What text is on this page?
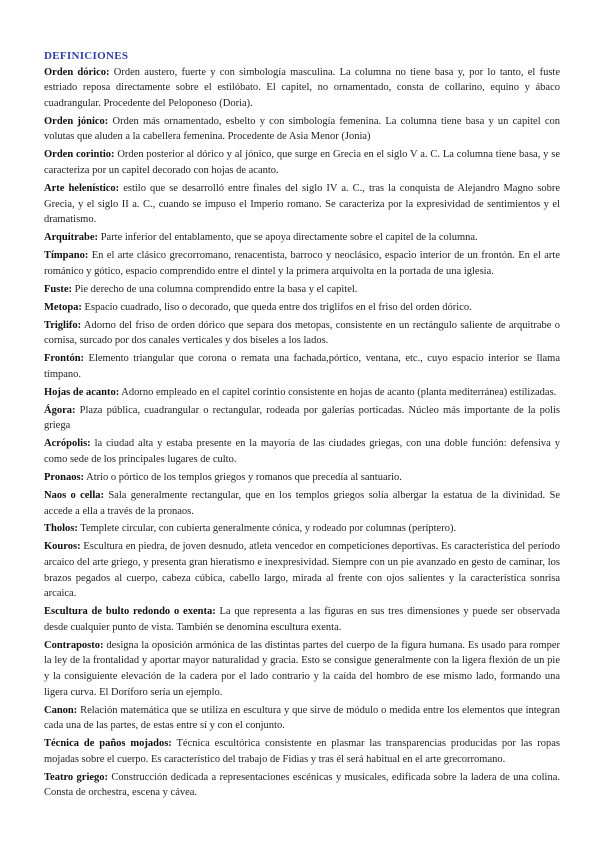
DEFINICIONES
Orden dórico: Orden austero, fuerte y con simbología masculina. La columna no tiene basa y, por lo tanto, el fuste estriado reposa directamente sobre el estilóbato. El capitel, no ornamentado, consta de collarino, equino y ábaco cuadrangular. Procedente del Peloponeso (Doria).
Orden jónico: Orden más ornamentado, esbelto y con simbología femenina. La columna tiene basa y un capitel con volutas que aluden a la cabellera femenina. Procedente de Asia Menor (Jonia)
Orden corintio: Orden posterior al dórico y al jónico, que surge en Grecia en el siglo V a. C. La columna tiene basa, y se caracteriza por un capitel decorado con hojas de acanto.
Arte helenístico: estilo que se desarrolló entre finales del siglo IV a. C., tras la conquista de Alejandro Magno sobre Grecia, y el siglo II a. C., cuando se impuso el Imperio romano. Se caracteriza por la expresividad de sentimientos y el dramatismo.
Arquitrabe: Parte inferior del entablamento, que se apoya directamente sobre el capitel de la columna.
Tímpano: En el arte clásico grecorromano, renacentista, barroco y neoclásico, espacio interior de un frontón. En el arte románico y gótico, espacio comprendido entre el dintel y la primera arquivolta en la portada de una iglesia.
Fuste: Pie derecho de una columna comprendido entre la basa y el capitel.
Metopa: Espacio cuadrado, liso o decorado, que queda entre dos triglifos en el friso del orden dórico.
Triglifo: Adorno del friso de orden dórico que separa dos metopas, consistente en un rectángulo saliente de arquitrabe o cornisa, surcado por dos canales verticales y dos biseles a los lados.
Frontón: Elemento triangular que corona o remata una fachada,pórtico, ventana, etc., cuyo espacio interior se llama tímpano.
Hojas de acanto: Adorno empleado en el capitel corintio consistente en hojas de acanto (planta mediterránea) estilizadas.
Ágora: Plaza pública, cuadrangular o rectangular, rodeada por galerías porticadas. Núcleo más importante de la polis griega
Acrópolis: la ciudad alta y estaba presente en la mayoría de las ciudades griegas, con una doble función: defensiva y como sede de los principales lugares de culto.
Pronaos: Atrio o pórtico de los templos griegos y romanos que precedía al santuario.
Naos o cella: Sala generalmente rectangular, que en los templos griegos solía albergar la estatua de la divinidad. Se accede a ella a través de la pronaos.
Tholos: Templete circular, con cubierta generalmente cónica, y rodeado por columnas (períptero).
Kouros: Escultura en piedra, de joven desnudo, atleta vencedor en competiciones deportivas. Es característica del período arcaico del arte griego, y presenta gran hieratismo e inexpresividad. Siempre con un pie avanzado en gesto de caminar, los brazos pegados al cuerpo, cabeza cúbica, cabello largo, mirada al frente con ojos salientes y la característica sonrisa arcaica.
Escultura de bulto redondo o exenta: La que representa a las figuras en sus tres dimensiones y puede ser observada desde cualquier punto de vista. También se denomina escultura exenta.
Contraposto: designa la oposición armónica de las distintas partes del cuerpo de la figura humana. Es usado para romper la ley de la frontalidad y aportar mayor naturalidad y gracia. Esto se consigue generalmente con la ligera flexión de un pie y la consiguiente elevación de la cadera por el lado contrario y la caída del hombro de ese mismo lado, formando una ligera curva. El Doríforo sería un ejemplo.
Canon: Relación matemática que se utiliza en escultura y que sirve de módulo o medida entre los elementos que integran cada una de las partes, de estas entre sí y con el conjunto.
Técnica de paños mojados: Técnica escultórica consistente en plasmar las transparencias producidas por las ropas mojadas sobre el cuerpo. Es característico del trabajo de Fidias y tras él será habitual en el arte grecorromano.
Teatro griego: Construcción dedicada a representaciones escénicas y musicales, edificada sobre la ladera de una colina. Consta de orchestra, escena y cávea.
